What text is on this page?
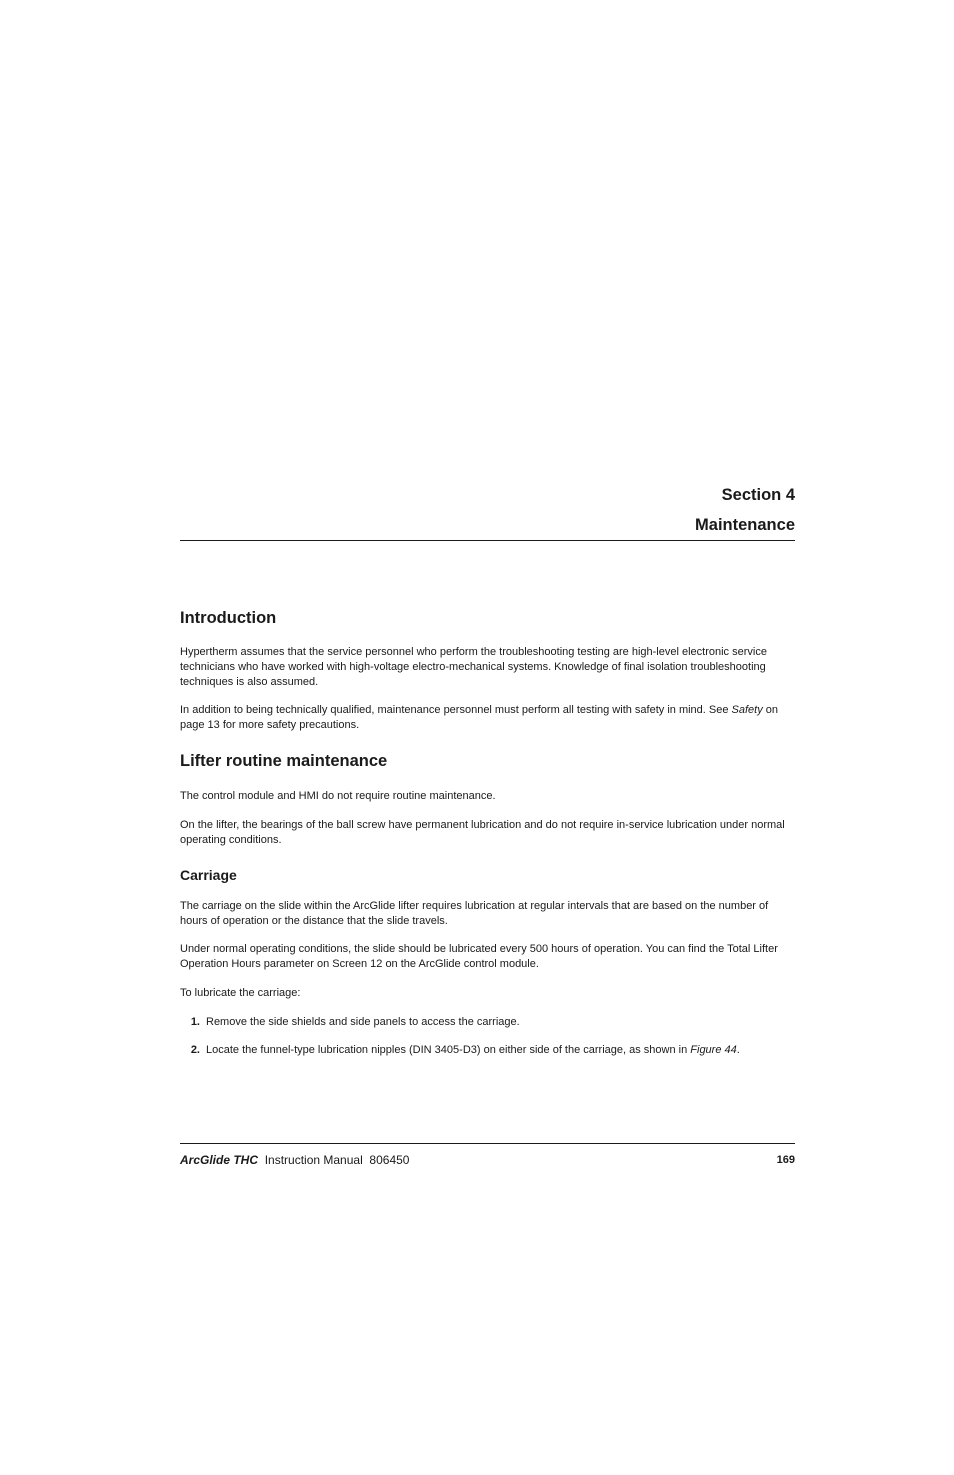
Section 4
Maintenance
Introduction
Hypertherm assumes that the service personnel who perform the troubleshooting testing are high-level electronic service technicians who have worked with high-voltage electro-mechanical systems. Knowledge of final isolation troubleshooting techniques is also assumed.
In addition to being technically qualified, maintenance personnel must perform all testing with safety in mind. See Safety on page 13 for more safety precautions.
Lifter routine maintenance
The control module and HMI do not require routine maintenance.
On the lifter, the bearings of the ball screw have permanent lubrication and do not require in-service lubrication under normal operating conditions.
Carriage
The carriage on the slide within the ArcGlide lifter requires lubrication at regular intervals that are based on the number of hours of operation or the distance that the slide travels.
Under normal operating conditions, the slide should be lubricated every 500 hours of operation. You can find the Total Lifter Operation Hours parameter on Screen 12 on the ArcGlide control module.
To lubricate the carriage:
1. Remove the side shields and side panels to access the carriage.
2. Locate the funnel-type lubrication nipples (DIN 3405-D3) on either side of the carriage, as shown in Figure 44.
ArcGlide THC Instruction Manual 806450	169
